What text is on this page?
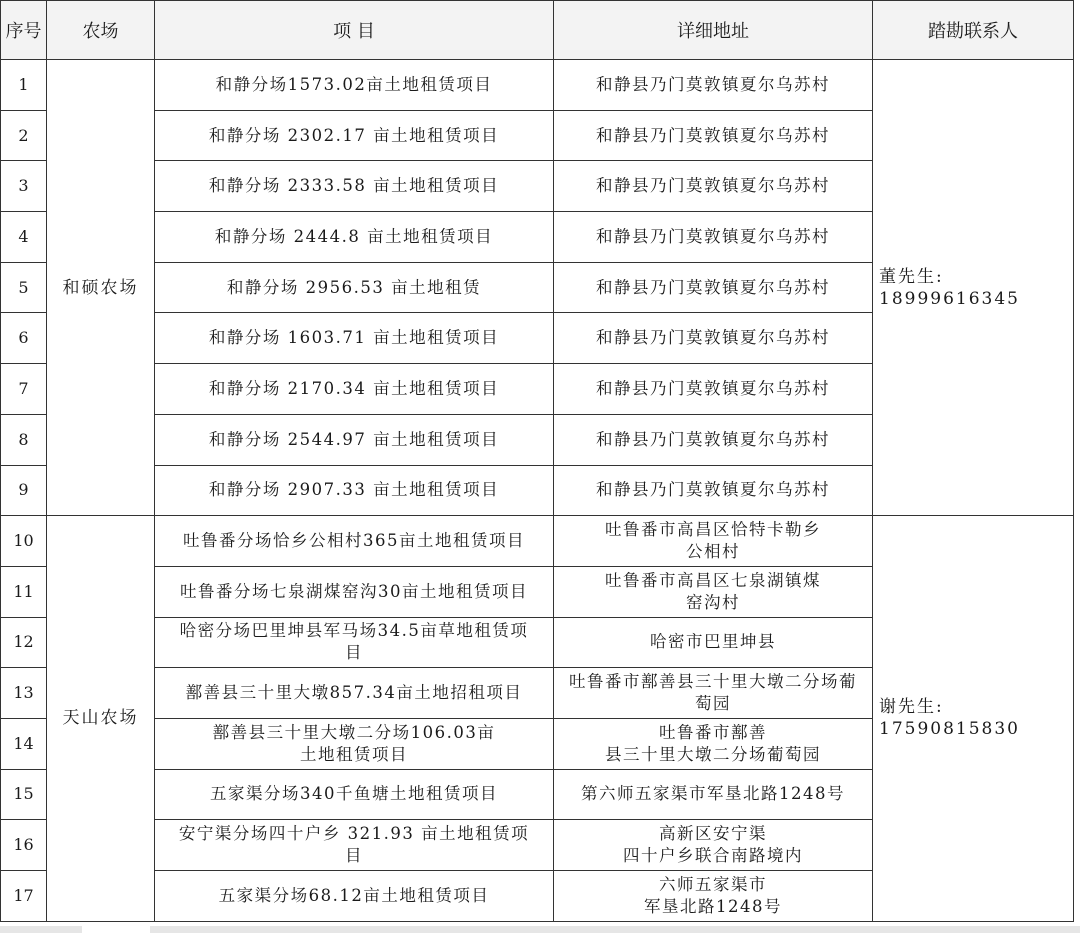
序号	农场	项 目	详细地址	踏勘联系人
1	和硕农场	和静分场1573.02亩土地租赁项目	和静县乃门莫敦镇夏尔乌苏村	董先生: 18999616345
2		和静分场 2302.17 亩土地租赁项目	和静县乃门莫敦镇夏尔乌苏村	

3		和静分场 2333.58 亩土地租赁项目	和静县乃门莫敦镇夏尔乌苏村	

4		和静分场 2444.8 亩土地租赁项目	和静县乃门莫敦镇夏尔乌苏村	

5		和静分场 2956.53 亩土地租赁	和静县乃门莫敦镇夏尔乌苏村	

6		和静分场 1603.71 亩土地租赁项目	和静县乃门莫敦镇夏尔乌苏村	

7		和静分场 2170.34 亩土地租赁项目	和静县乃门莫敦镇夏尔乌苏村	

8		和静分场 2544.97 亩土地租赁项目	和静县乃门莫敦镇夏尔乌苏村	

9		和静分场 2907.33 亩土地租赁项目	和静县乃门莫敦镇夏尔乌苏村	

10	天山农场	吐鲁番分场恰乡公相村365亩土地租赁项目	吐鲁番市高昌区恰特卡勒乡
公相村	谢先生: 17590815830
11		吐鲁番分场七泉湖煤窑沟30亩土地租赁项目	吐鲁番市高昌区七泉湖镇煤
窑沟村	

12		哈密分场巴里坤县军马场34.5亩草地租赁项
目	哈密市巴里坤县	

13		鄯善县三十里大墩857.34亩土地招租项目	吐鲁番市鄯善县三十里大墩二分场葡
萄园	

14		鄯善县三十里大墩二分场106.03亩
土地租赁项目	吐鲁番市鄯善
县三十里大墩二分场葡萄园	

15		五家渠分场340千鱼塘土地租赁项目	第六师五家渠市军垦北路1248号	

16		安宁渠分场四十户乡 321.93 亩土地租赁项
目	高新区安宁渠
四十户乡联合南路境内	

17		五家渠分场68.12亩土地租赁项目	六师五家渠市
军垦北路1248号	
